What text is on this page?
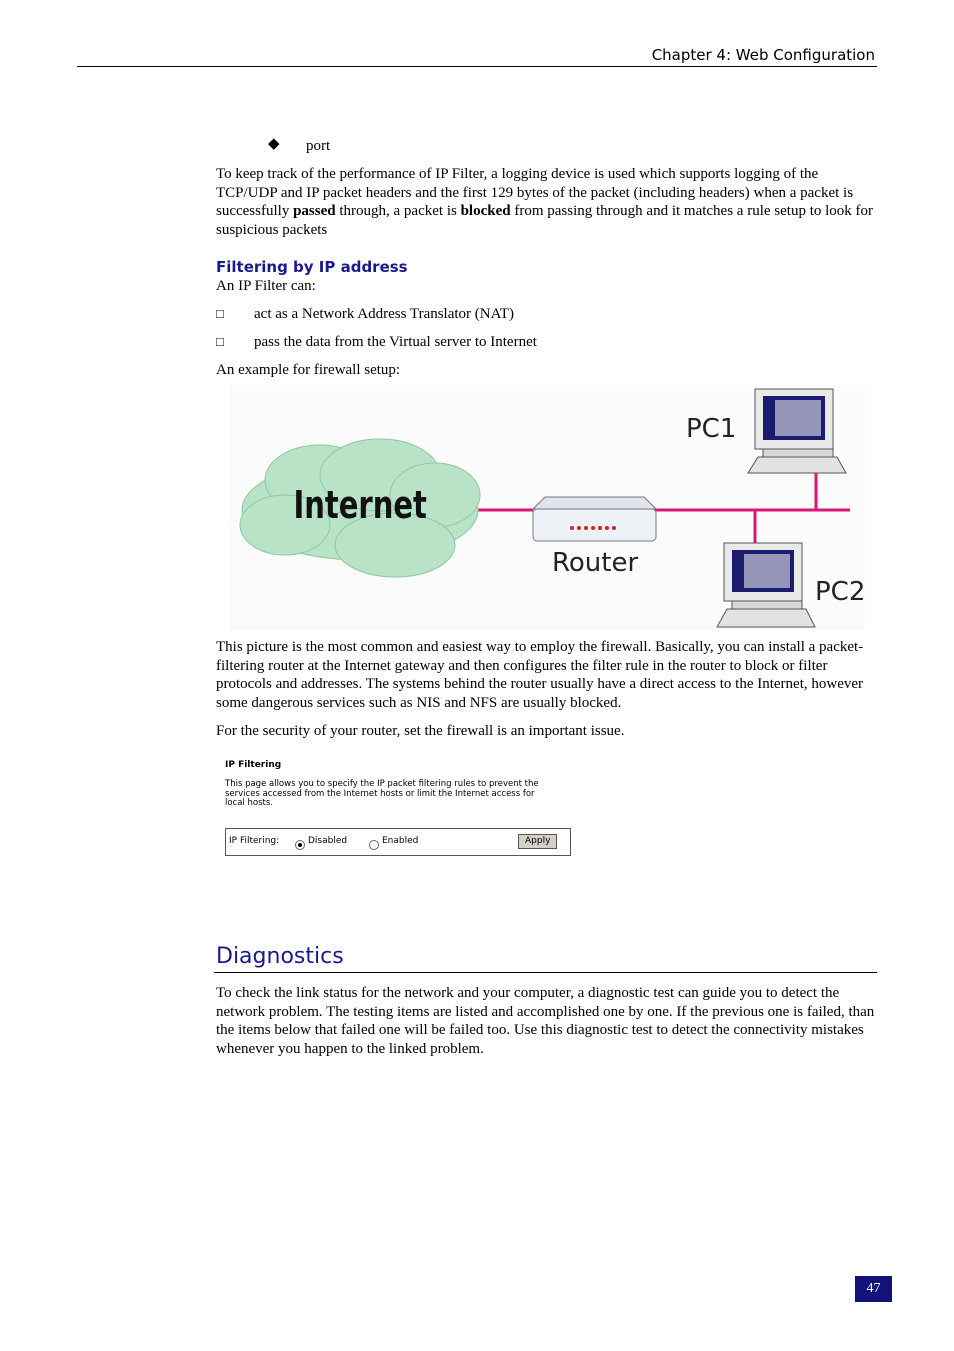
Chapter 4: Web Configuration
◆ port
To keep track of the performance of IP Filter, a logging device is used which supports logging of the TCP/UDP and IP packet headers and the first 129 bytes of the packet (including headers) when a packet is successfully passed through, a packet is blocked from passing through and it matches a rule setup to look for suspicious packets
Filtering by IP address
An IP Filter can:
□ act as a Network Address Translator (NAT)
□ pass the data from the Virtual server to Internet
An example for firewall setup:
Internet
Router
PC1
PC2
This picture is the most common and easiest way to employ the firewall. Basically, you can install a packet-filtering router at the Internet gateway and then configures the filter rule in the router to block or filter protocols and addresses. The systems behind the router usually have a direct access to the Internet, however some dangerous services such as NIS and NFS are usually blocked.
For the security of your router, set the firewall is an important issue.
IP Filtering
This page allows you to specify the IP packet filtering rules to prevent the services accessed from the Internet hosts or limit the Internet access for local hosts.
IP Filtering:	Disabled	Enabled	Apply
Diagnostics
To check the link status for the network and your computer, a diagnostic test can guide you to detect the network problem. The testing items are listed and accomplished one by one. If the previous one is failed, than the items below that failed one will be failed too. Use this diagnostic test to detect the connectivity mistakes whenever you happen to the linked problem.
47
